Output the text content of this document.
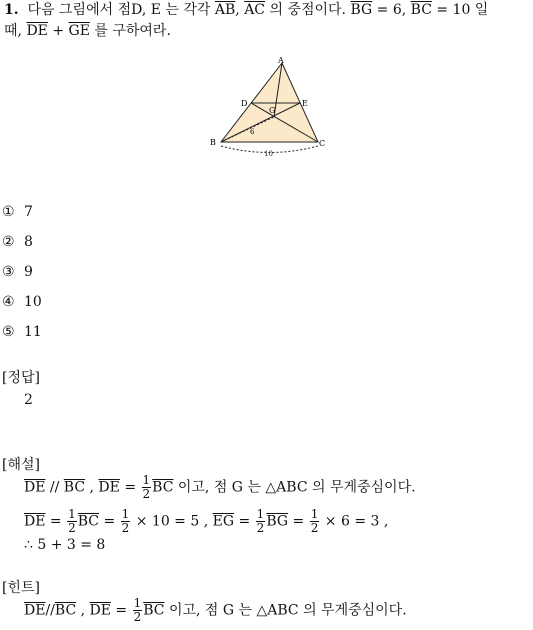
1. 다음 그림에서 점D, E 는 각각 $\overline{AB}$, $\overline{AC}$ 의 중점이다. $\overline{BG} = 6$, $\overline{BC} = 10$ 일
때, $\overline{DE} + \overline{GE}$ 를 구하여라.
A
B	C
D	E
G
6
10
① 7
② 8
③ 9
④ 10
⑤ 11
[정답]
2
[해설]
$\overline{DE} // \overline{BC}$ , $\overline{DE} = \frac{1}{2} \overline{BC}$ 이고, 점 G 는 △ABC 의 무게중심이다.
$\overline{DE} = \frac{1}{2} \overline{BC} = \frac{1}{2} \times 10 = 5$ , $\overline{EG} = \frac{1}{2} \overline{BG} = \frac{1}{2} \times 6 = 3$ ,
∴ 5 + 3 = 8
[힌트]
$\overline{DE}//\overline{BC}$ , $\overline{DE} = \frac{1}{2} \overline{BC}$ 이고, 점 G 는 △ABC 의 무게중심이다.
